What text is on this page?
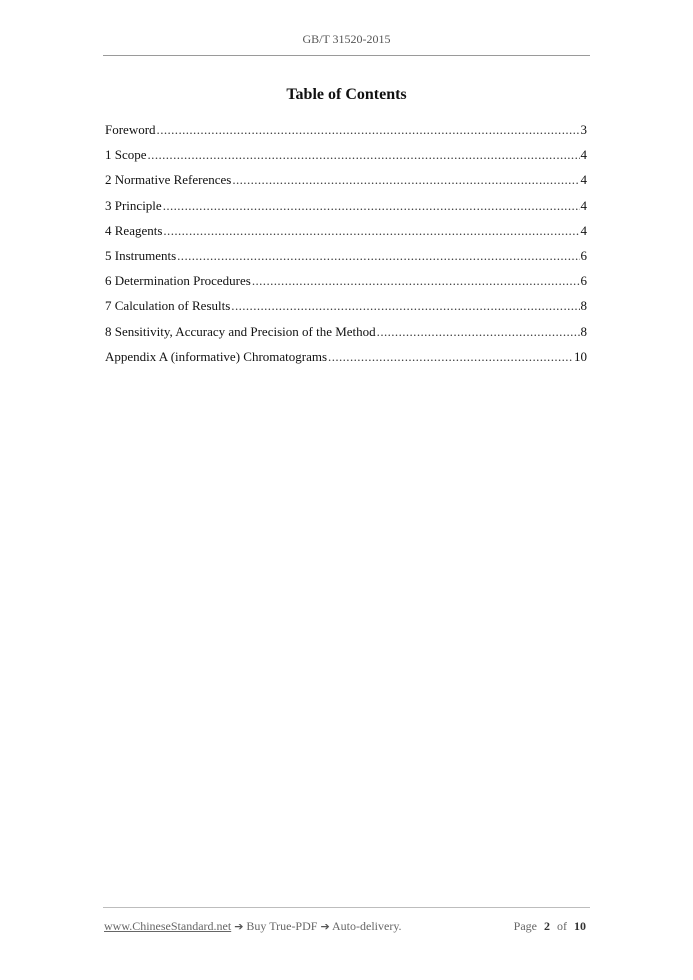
GB/T 31520-2015
Table of Contents
Foreword .....	3
1 Scope .....	4
2 Normative References .....	4
3 Principle .....	4
4 Reagents .....	4
5 Instruments .....	6
6 Determination Procedures .....	6
7 Calculation of Results .....	8
8 Sensitivity, Accuracy and Precision of the Method .....	8
Appendix A (informative) Chromatograms .....	10
www.ChineseStandard.net ➔ Buy True-PDF ➔ Auto-delivery.	Page 2 of 10
